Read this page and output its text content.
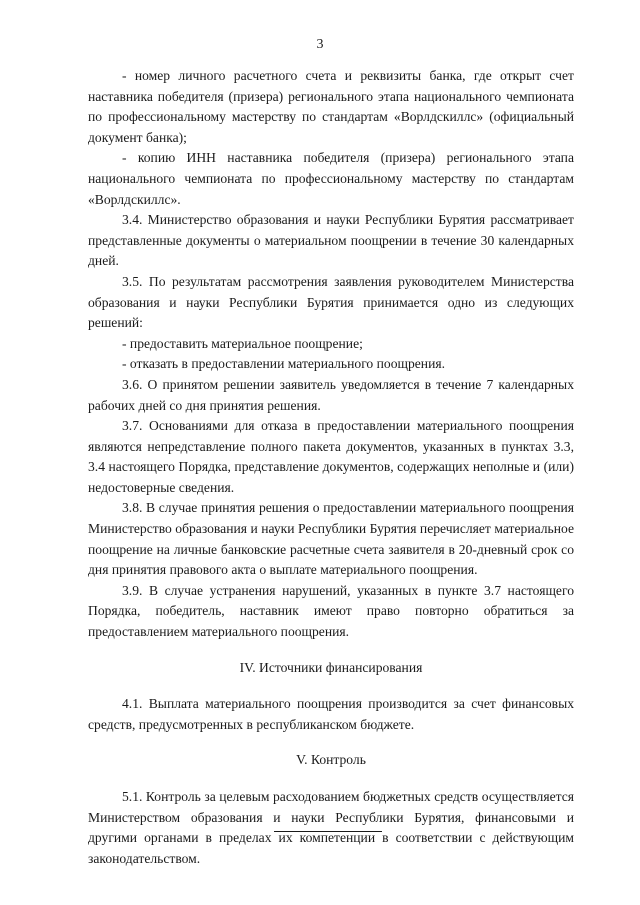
3

- номер личного расчетного счета и реквизиты банка, где открыт счет наставника победителя (призера) регионального этапа национального чемпионата по профессиональному мастерству по стандартам «Ворлдскиллс» (официальный документ банка);

- копию ИНН наставника победителя (призера) регионального этапа национального чемпионата по профессиональному мастерству по стандартам «Ворлдскиллс».

3.4. Министерство образования и науки Республики Бурятия рассматривает представленные документы о материальном поощрении в течение 30 календарных дней.

3.5. По результатам рассмотрения заявления руководителем Министерства образования и науки Республики Бурятия принимается одно из следующих решений:

- предоставить материальное поощрение;

- отказать в предоставлении материального поощрения.

3.6. О принятом решении заявитель уведомляется в течение 7 календарных рабочих дней со дня принятия решения.

3.7. Основаниями для отказа в предоставлении материального поощрения являются непредставление полного пакета документов, указанных в пунктах 3.3, 3.4 настоящего Порядка, представление документов, содержащих неполные и (или) недостоверные сведения.

3.8. В случае принятия решения о предоставлении материального поощрения Министерство образования и науки Республики Бурятия перечисляет материальное поощрение на личные банковские расчетные счета заявителя в 20-дневный срок со дня принятия правового акта о выплате материального поощрения.

3.9. В случае устранения нарушений, указанных в пункте 3.7 настоящего Порядка, победитель, наставник имеют право повторно обратиться за предоставлением материального поощрения.

IV. Источники финансирования

4.1. Выплата материального поощрения производится за счет финансовых средств, предусмотренных в республиканском бюджете.

V. Контроль

5.1. Контроль за целевым расходованием бюджетных средств осуществляется Министерством образования и науки Республики Бурятия, финансовыми и другими органами в пределах их компетенции в соответствии с действующим законодательством.
